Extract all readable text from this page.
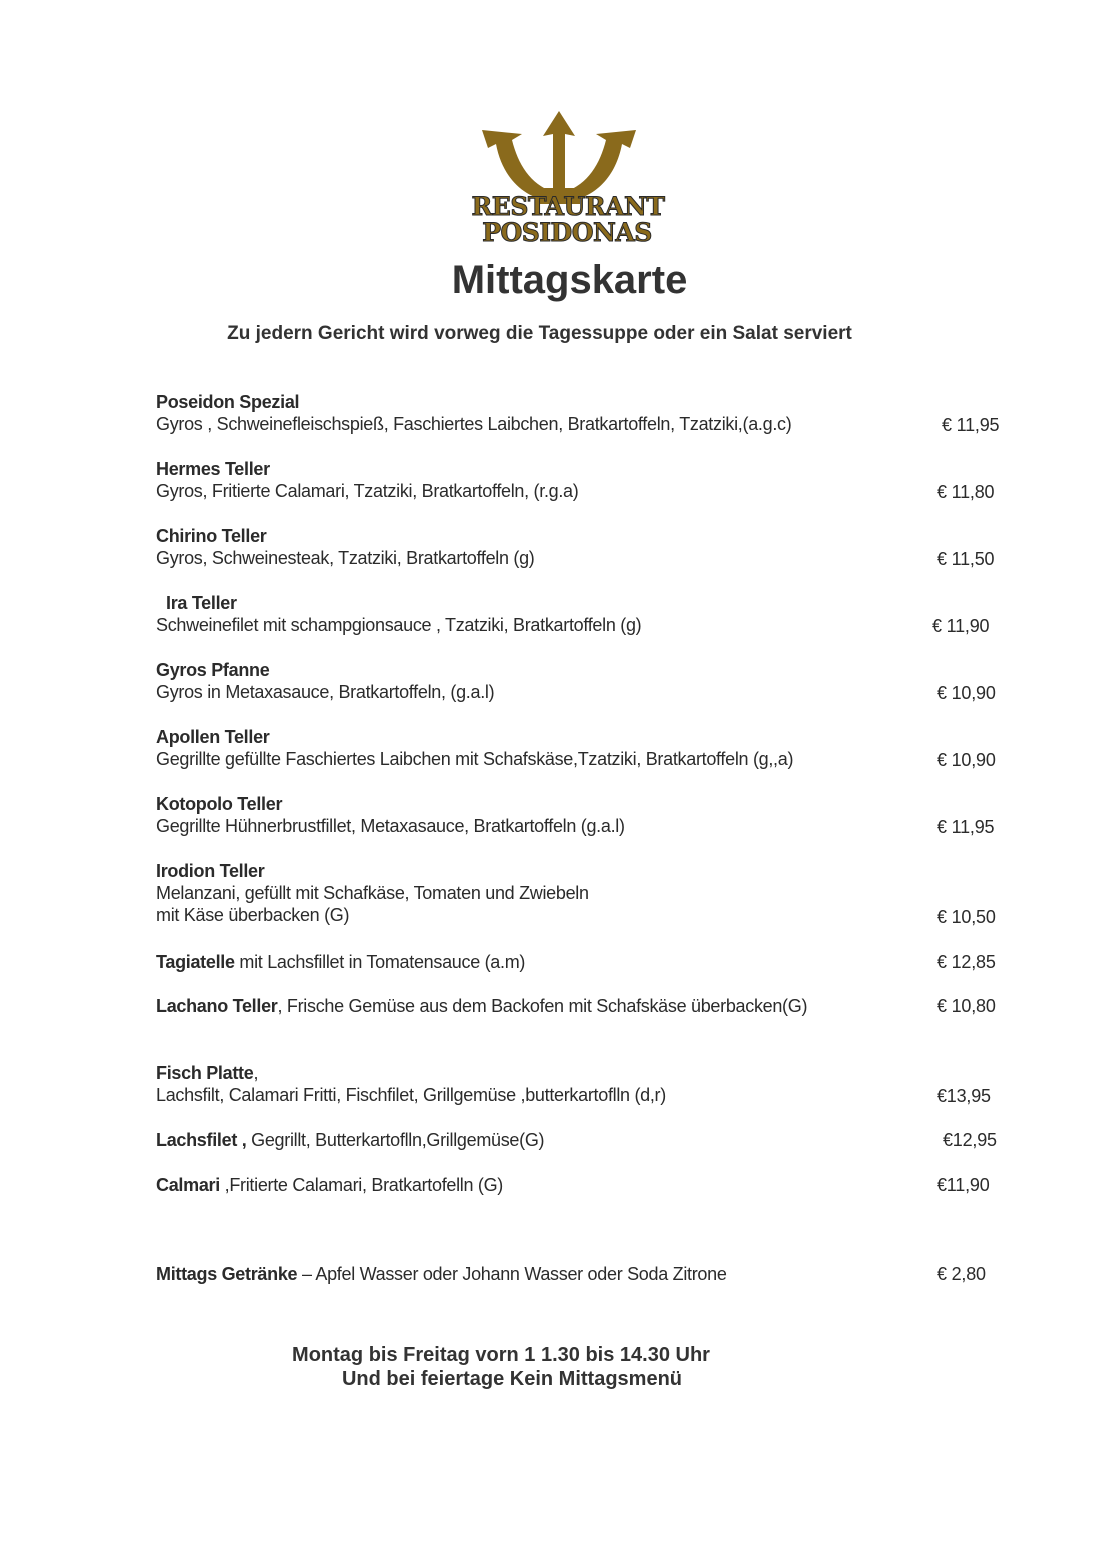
RESTAURANT
POSIDONAS
Mittagskarte
Zu jedern Gericht wird vorweg die Tagessuppe oder ein Salat serviert
Poseidon Spezial
Gyros , Schweinefleischspieß, Faschiertes Laibchen, Bratkartoffeln, Tzatziki,(a.g.c)	€ 11,95
Hermes Teller
Gyros, Fritierte Calamari, Tzatziki, Bratkartoffeln, (r.g.a)	€ 11,80
Chirino Teller
Gyros, Schweinesteak, Tzatziki, Bratkartoffeln (g)	€ 11,50
Ira Teller
Schweinefilet mit schampgionsauce , Tzatziki, Bratkartoffeln (g)	€ 11,90
Gyros Pfanne
Gyros in Metaxasauce, Bratkartoffeln, (g.a.l)	€ 10,90
Apollen Teller
Gegrillte gefüllte Faschiertes Laibchen mit Schafskäse,Tzatziki, Bratkartoffeln (g,,a)	€ 10,90
Kotopolo Teller
Gegrillte Hühnerbrustfillet, Metaxasauce, Bratkartoffeln (g.a.l)	€ 11,95
Irodion Teller
Melanzani, gefüllt mit Schafkäse, Tomaten und Zwiebeln
mit Käse überbacken (G)	€ 10,50
Tagiatelle mit Lachsfillet in Tomatensauce (a.m)	€ 12,85
Lachano Teller, Frische Gemüse aus dem Backofen mit Schafskäse überbacken(G)	€ 10,80
Fisch Platte,
Lachsfilt, Calamari Fritti, Fischfilet, Grillgemüse ,butterkartoflln (d,r)	€13,95
Lachsfilet , Gegrillt, Butterkartoflln,Grillgemüse(G)	€12,95
Calmari ,Fritierte Calamari, Bratkartofelln (G)	€11,90
Mittags Getränke – Apfel Wasser oder Johann Wasser oder Soda Zitrone	€ 2,80
Montag bis Freitag vorn 1 1.30 bis 14.30 Uhr
Und bei feiertage Kein Mittagsmenü
